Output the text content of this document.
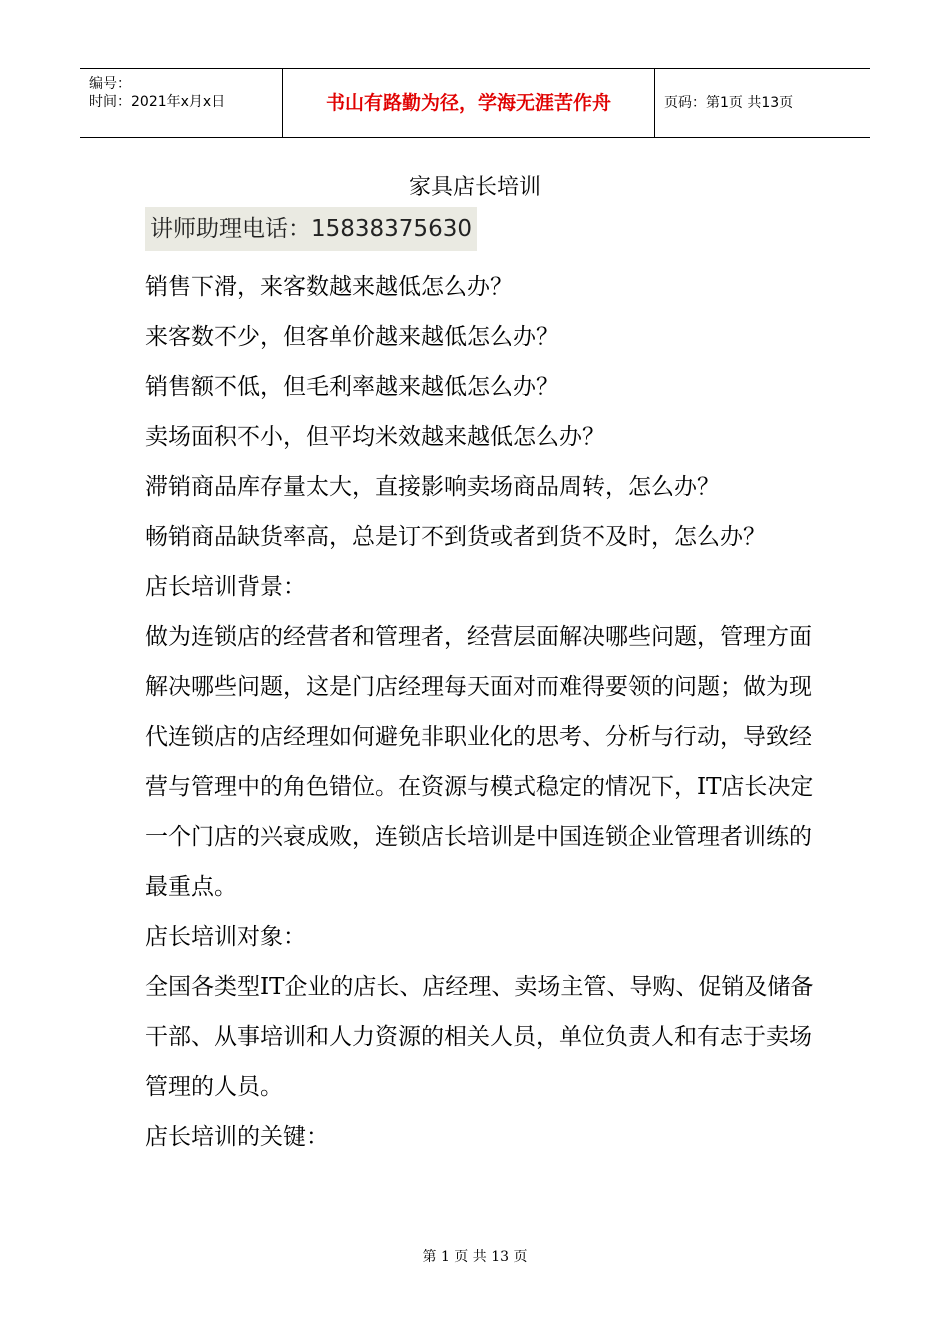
编号：
时间：2021年x月x日	书山有路勤为径，学海无涯苦作舟	页码：第1页 共13页
家具店长培训
讲师助理电话：15838375630

销售下滑，来客数越来越低怎么办？

来客数不少，但客单价越来越低怎么办？

销售额不低，但毛利率越来越低怎么办？

卖场面积不小，但平均米效越来越低怎么办？

滞销商品库存量太大，直接影响卖场商品周转，怎么办？

畅销商品缺货率高，总是订不到货或者到货不及时，怎么办？

店长培训背景：

做为连锁店的经营者和管理者，经营层面解决哪些问题，管理方面解决哪些问题，这是门店经理每天面对而难得要领的问题；做为现代连锁店的店经理如何避免非职业化的思考、分析与行动，导致经营与管理中的角色错位。在资源与模式稳定的情况下，IT店长决定一个门店的兴衰成败，连锁店长培训是中国连锁企业管理者训练的最重点。

店长培训对象：

全国各类型IT企业的店长、店经理、卖场主管、导购、促销及储备干部、从事培训和人力资源的相关人员，单位负责人和有志于卖场管理的人员。

店长培训的关键：

第 1 页 共 13 页
